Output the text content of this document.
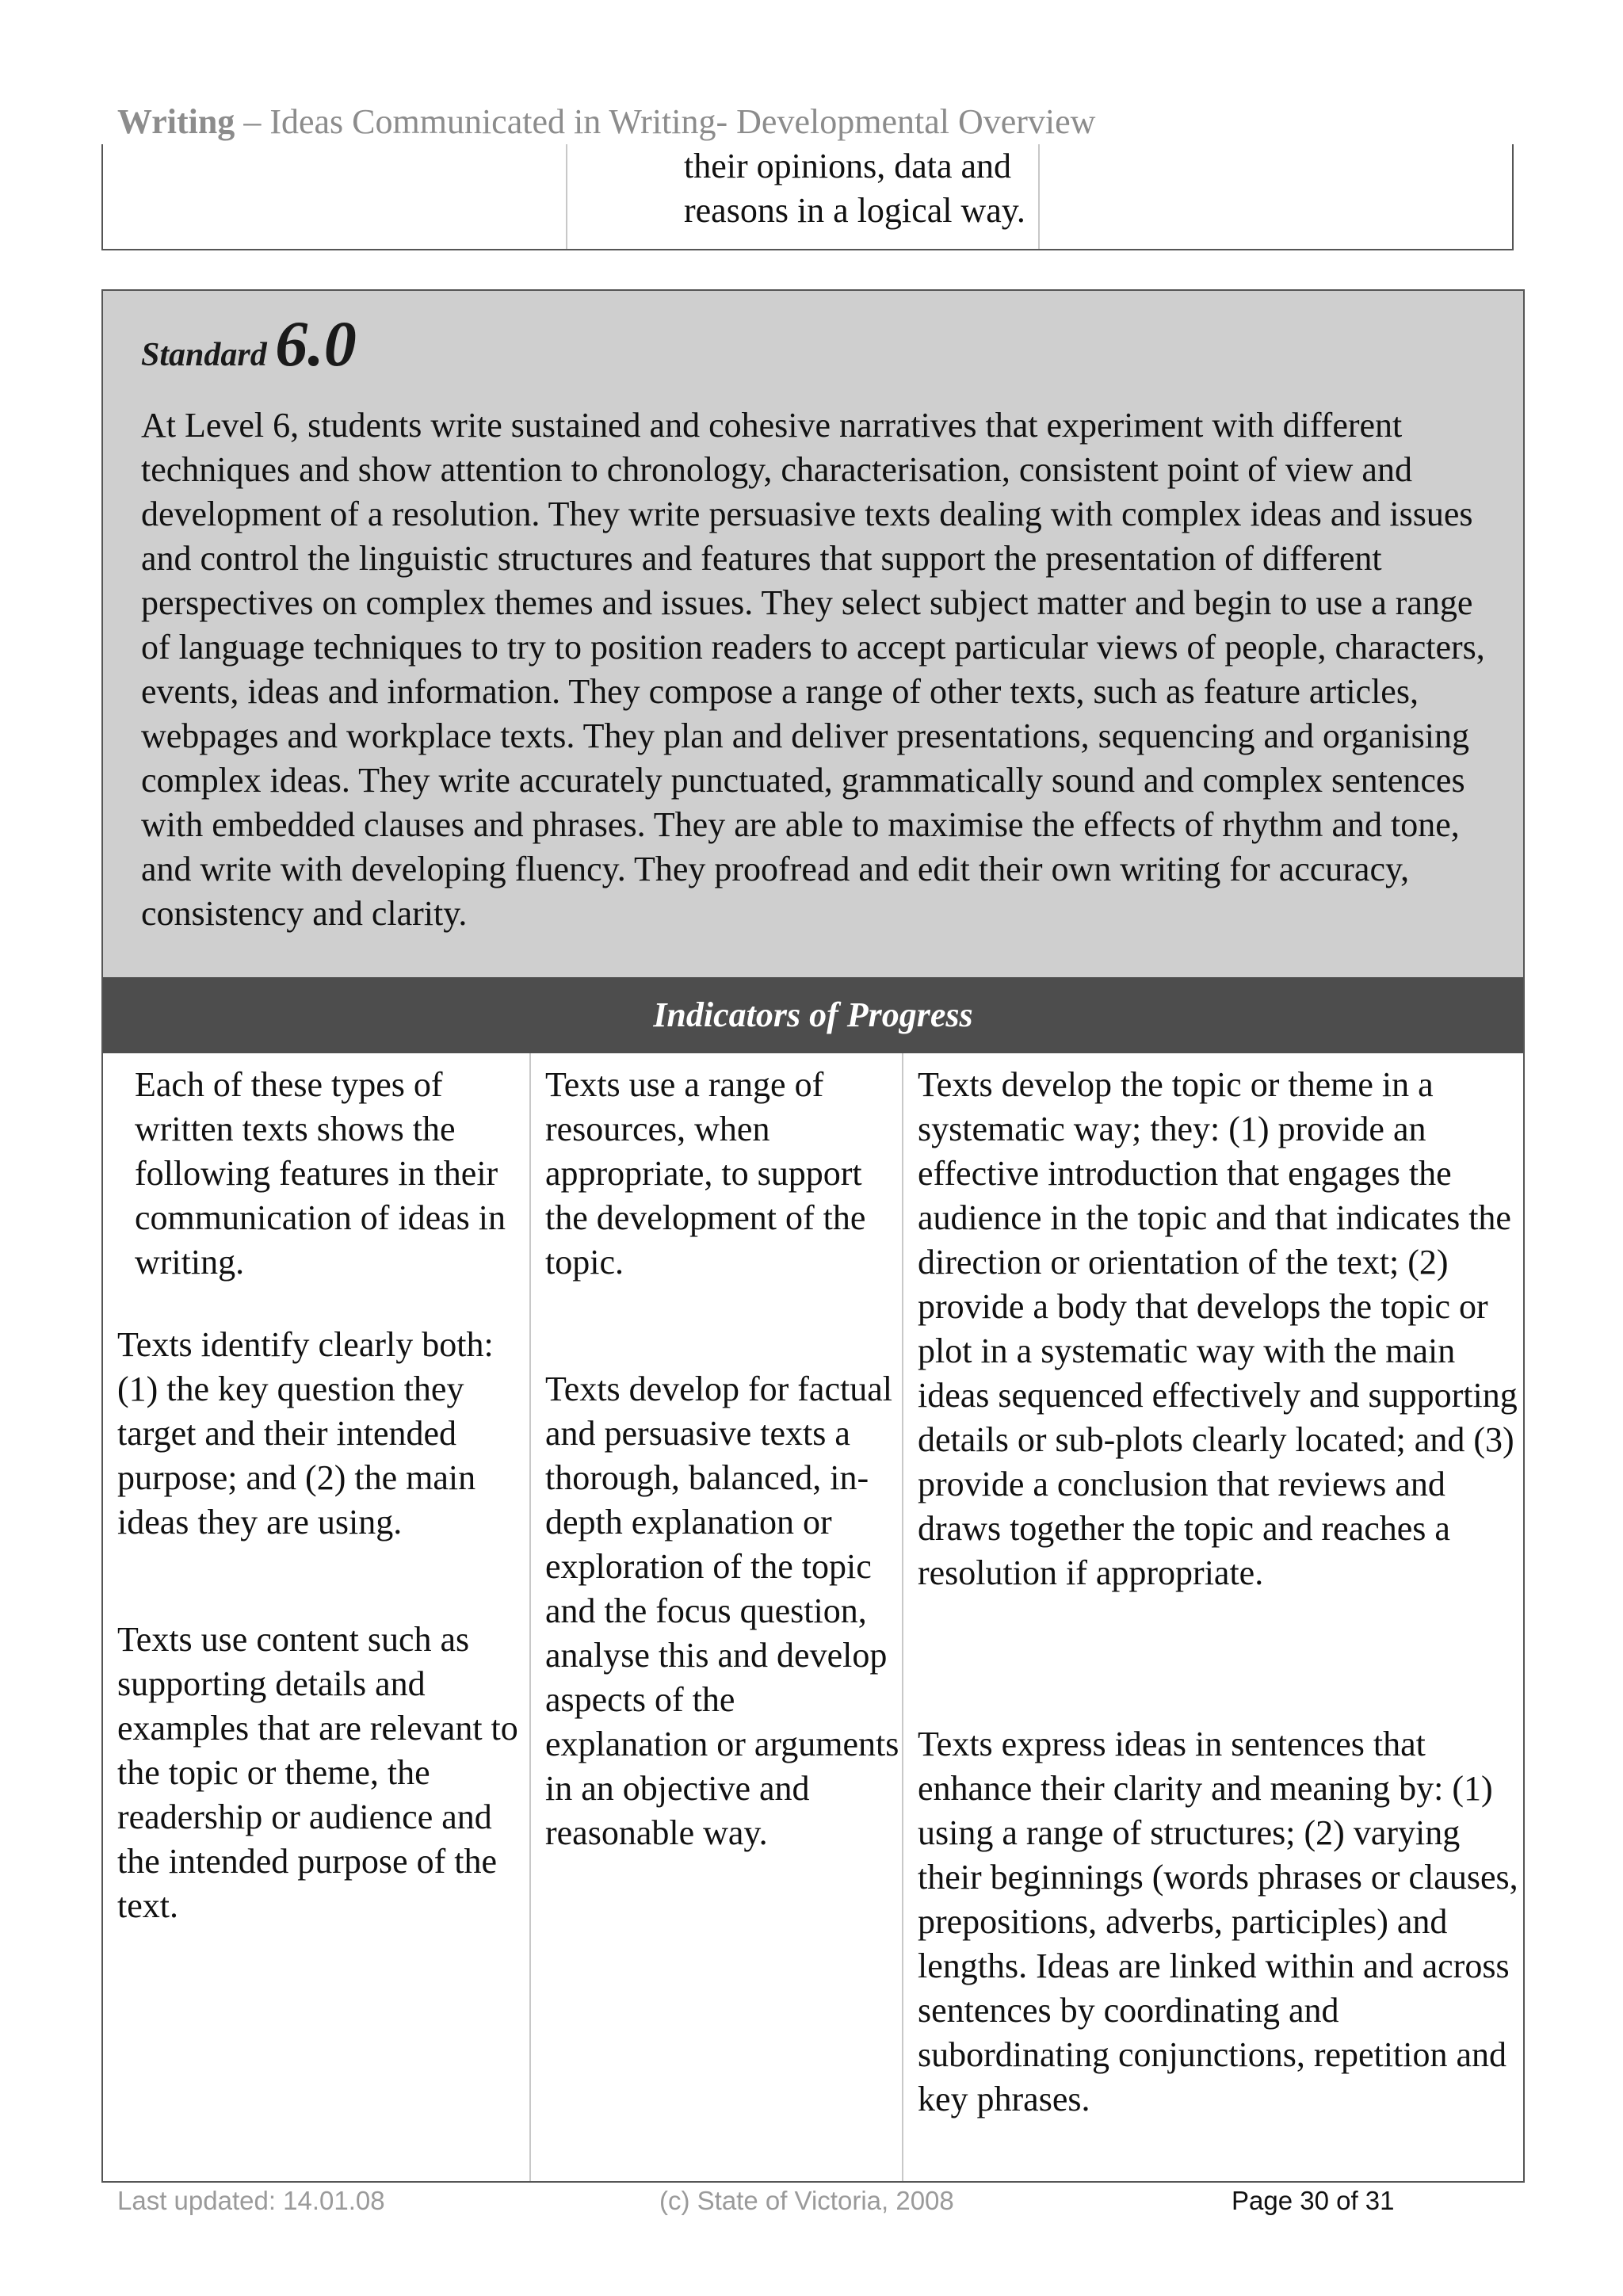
Writing – Ideas Communicated in Writing- Developmental Overview
their opinions, data and reasons in a logical way.
Standard 6.0
At Level 6, students write sustained and cohesive narratives that experiment with different techniques and show attention to chronology, characterisation, consistent point of view and development of a resolution. They write persuasive texts dealing with complex ideas and issues and control the linguistic structures and features that support the presentation of different perspectives on complex themes and issues. They select subject matter and begin to use a range of language techniques to try to position readers to accept particular views of people, characters, events, ideas and information. They compose a range of other texts, such as feature articles, webpages and workplace texts. They plan and deliver presentations, sequencing and organising complex ideas. They write accurately punctuated, grammatically sound and complex sentences with embedded clauses and phrases. They are able to maximise the effects of rhythm and tone, and write with developing fluency. They proofread and edit their own writing for accuracy, consistency and clarity.
Indicators of Progress
Each of these types of written texts shows the following features in their communication of ideas in writing.
Texts identify clearly both: (1) the key question they target and their intended purpose; and (2) the main ideas they are using.
Texts use content such as supporting details and examples that are relevant to the topic or theme, the readership or audience and the intended purpose of the text.
Texts use a range of resources, when appropriate, to support the development of the topic.
Texts develop for factual and persuasive texts a thorough, balanced, in-depth explanation or exploration of the topic and the focus question, analyse this and develop aspects of the explanation or arguments in an objective and reasonable way.
Texts develop the topic or theme in a systematic way; they: (1) provide an effective introduction that engages the audience in the topic and that indicates the direction or orientation of the text; (2) provide a body that develops the topic or plot in a systematic way with the main ideas sequenced effectively and supporting details or sub-plots clearly located; and (3) provide a conclusion that reviews and draws together the topic and reaches a resolution if appropriate.
Texts express ideas in sentences that enhance their clarity and meaning by: (1) using a range of structures; (2) varying their beginnings (words phrases or clauses, prepositions, adverbs, participles) and lengths. Ideas are linked within and across sentences by coordinating and subordinating conjunctions, repetition and key phrases.
Last updated: 14.01.08	(c) State of Victoria, 2008	Page 30 of 31
